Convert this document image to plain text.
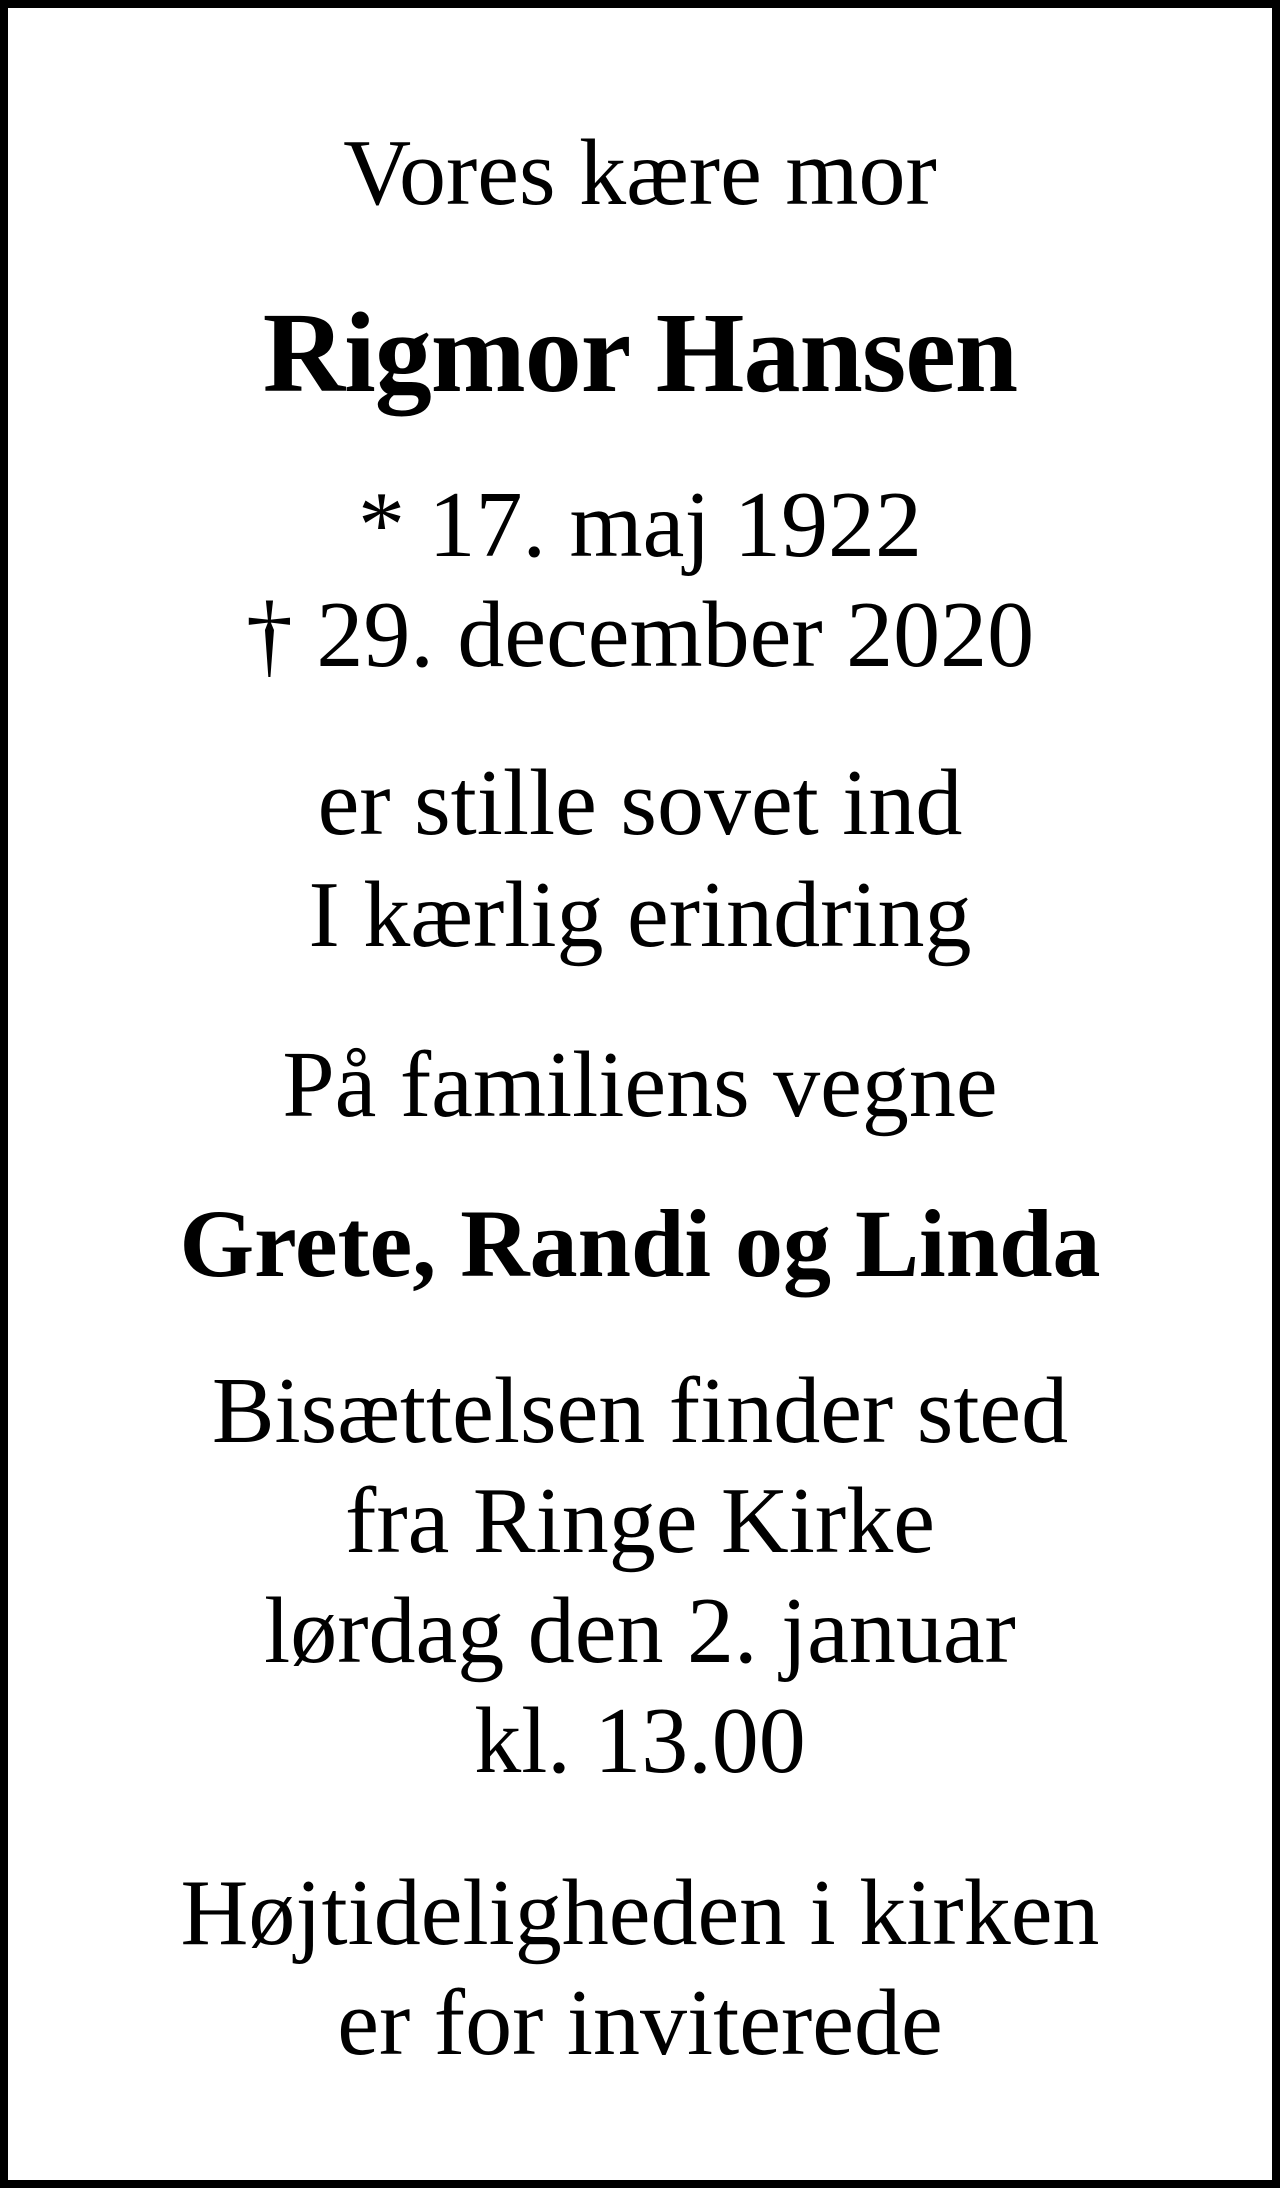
Vores kære mor
Rigmor Hansen
* 17. maj 1922
† 29. december 2020
er stille sovet ind
I kærlig erindring
På familiens vegne
Grete, Randi og Linda
Bisættelsen finder sted
fra Ringe Kirke
lørdag den 2. januar
kl. 13.00
Højtideligheden i kirken
er for inviterede
